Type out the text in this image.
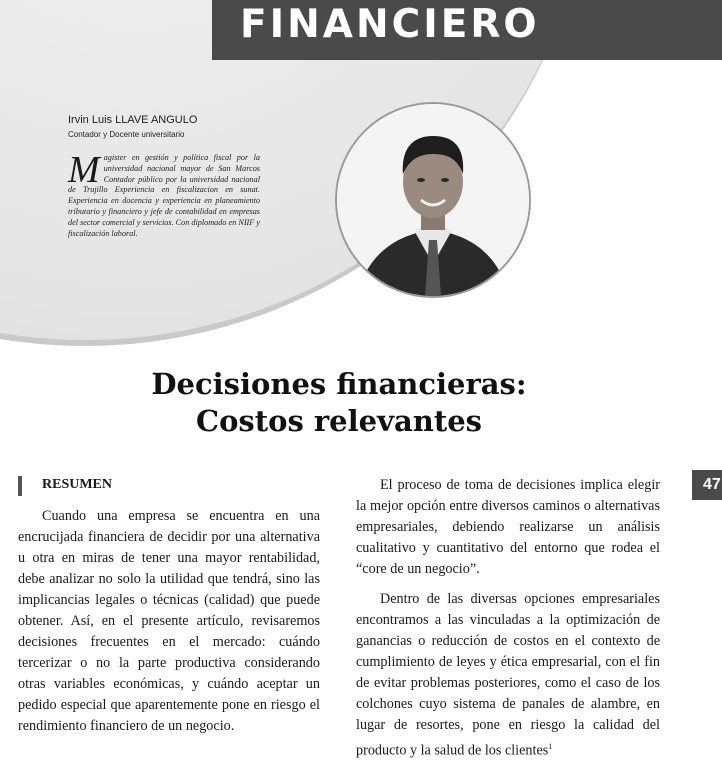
FINANCIERO
Irvin Luis LLAVE ANGULO
Contador y Docente universitario
Magister en gestión y política fiscal por la universidad nacional mayor de San Marcos Contador público por la universidad nacional de Trujillo Experiencia en fiscalizacion en sunat. Experiencia en docencia y experiencia en planeamiento tributario y financiero y jefe de contabilidad en empresas del sector comercial y servicios. Con diplomado en NIIF y fiscalización laboral.
Decisiones financieras:
Costos relevantes
RESUMEN

Cuando una empresa se encuentra en una encrucijada financiera de decidir por una alternativa u otra en miras de tener una mayor rentabilidad, debe analizar no solo la utilidad que tendrá, sino las implicancias legales o técnicas (calidad) que puede obtener. Así, en el presente artículo, revisaremos decisiones frecuentes en el mercado: cuándo tercerizar o no la parte productiva considerando otras variables económicas, y cuándo aceptar un pedido especial que aparentemente pone en riesgo el rendimiento financiero de un negocio.

El proceso de toma de decisiones implica elegir la mejor opción entre diversos caminos o alternativas empresariales, debiendo realizarse un análisis cualitativo y cuantitativo del entorno que rodea el “core de un negocio”.

Dentro de las diversas opciones empresariales encontramos a las vinculadas a la optimización de ganancias o reducción de costos en el contexto de cumplimiento de leyes y ética empresarial, con el fin de evitar problemas posteriores, como el caso de los colchones cuyo sistema de panales de alambre, en lugar de resortes, pone en riesgo la calidad del producto y la salud de los clientes$^1$

47
